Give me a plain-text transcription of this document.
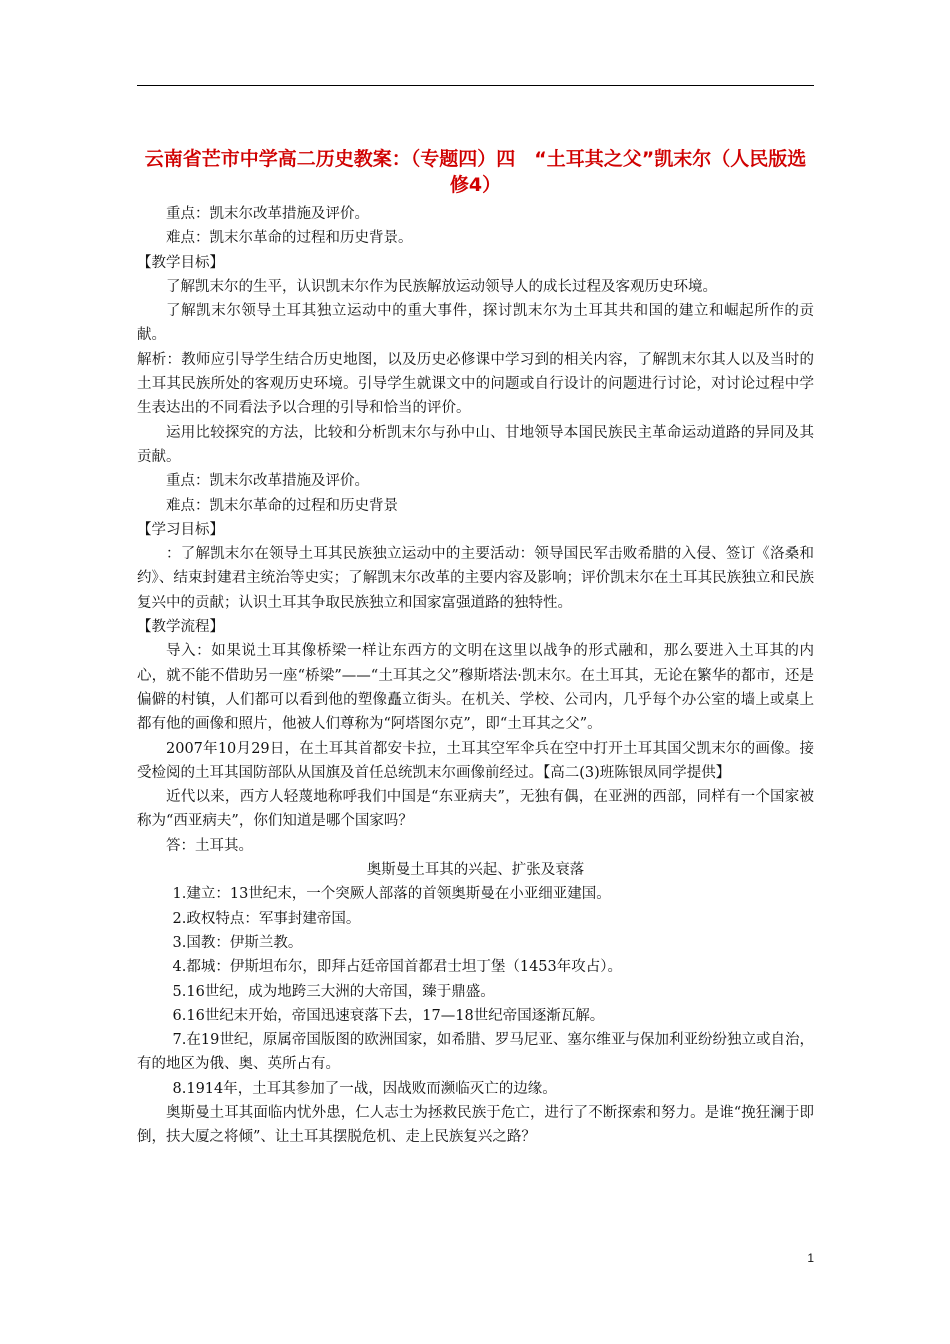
云南省芒市中学高二历史教案：（专题四）四　“土耳其之父”凯末尔（人民版选修4）

重点：凯末尔改革措施及评价。

难点：凯末尔革命的过程和历史背景。

【教学目标】

了解凯末尔的生平，认识凯末尔作为民族解放运动领导人的成长过程及客观历史环境。

了解凯末尔领导土耳其独立运动中的重大事件，探讨凯末尔为土耳其共和国的建立和崛起所作的贡献。

解析：教师应引导学生结合历史地图，以及历史必修课中学习到的相关内容，了解凯末尔其人以及当时的土耳其民族所处的客观历史环境。引导学生就课文中的问题或自行设计的问题进行讨论，对讨论过程中学生表达出的不同看法予以合理的引导和恰当的评价。

运用比较探究的方法，比较和分析凯末尔与孙中山、甘地领导本国民族民主革命运动道路的异同及其贡献。

重点：凯末尔改革措施及评价。

难点：凯末尔革命的过程和历史背景

【学习目标】

：了解凯末尔在领导土耳其民族独立运动中的主要活动：领导国民军击败希腊的入侵、签订《洛桑和约》、结束封建君主统治等史实；了解凯末尔改革的主要内容及影响；评价凯末尔在土耳其民族独立和民族复兴中的贡献；认识土耳其争取民族独立和国家富强道路的独特性。

【教学流程】

导入：如果说土耳其像桥梁一样让东西方的文明在这里以战争的形式融和，那么要进入土耳其的内心，就不能不借助另一座“桥梁”——“土耳其之父”穆斯塔法·凯末尔。在土耳其，无论在繁华的都市，还是偏僻的村镇，人们都可以看到他的塑像矗立街头。在机关、学校、公司内，几乎每个办公室的墙上或桌上都有他的画像和照片，他被人们尊称为“阿塔图尔克”，即“土耳其之父”。

2007年10月29日，在土耳其首都安卡拉，土耳其空军伞兵在空中打开土耳其国父凯末尔的画像。接受检阅的土耳其国防部队从国旗及首任总统凯末尔画像前经过。【高二(3)班陈银凤同学提供】

近代以来，西方人轻蔑地称呼我们中国是“东亚病夫”，无独有偶，在亚洲的西部，同样有一个国家被称为“西亚病夫”，你们知道是哪个国家吗？

答：土耳其。

奥斯曼土耳其的兴起、扩张及衰落

1.建立：13世纪末，一个突厥人部落的首领奥斯曼在小亚细亚建国。

2.政权特点：军事封建帝国。

3.国教：伊斯兰教。

4.都城：伊斯坦布尔，即拜占廷帝国首都君士坦丁堡（1453年攻占）。

5.16世纪，成为地跨三大洲的大帝国，臻于鼎盛。

6.16世纪末开始，帝国迅速衰落下去，17—18世纪帝国逐渐瓦解。

7.在19世纪，原属帝国版图的欧洲国家，如希腊、罗马尼亚、塞尔维亚与保加利亚纷纷独立或自治，有的地区为俄、奥、英所占有。

8.1914年，土耳其参加了一战，因战败而濒临灭亡的边缘。

奥斯曼土耳其面临内忧外患，仁人志士为拯救民族于危亡，进行了不断探索和努力。是谁“挽狂澜于即倒，扶大厦之将倾”、让土耳其摆脱危机、走上民族复兴之路？

1
